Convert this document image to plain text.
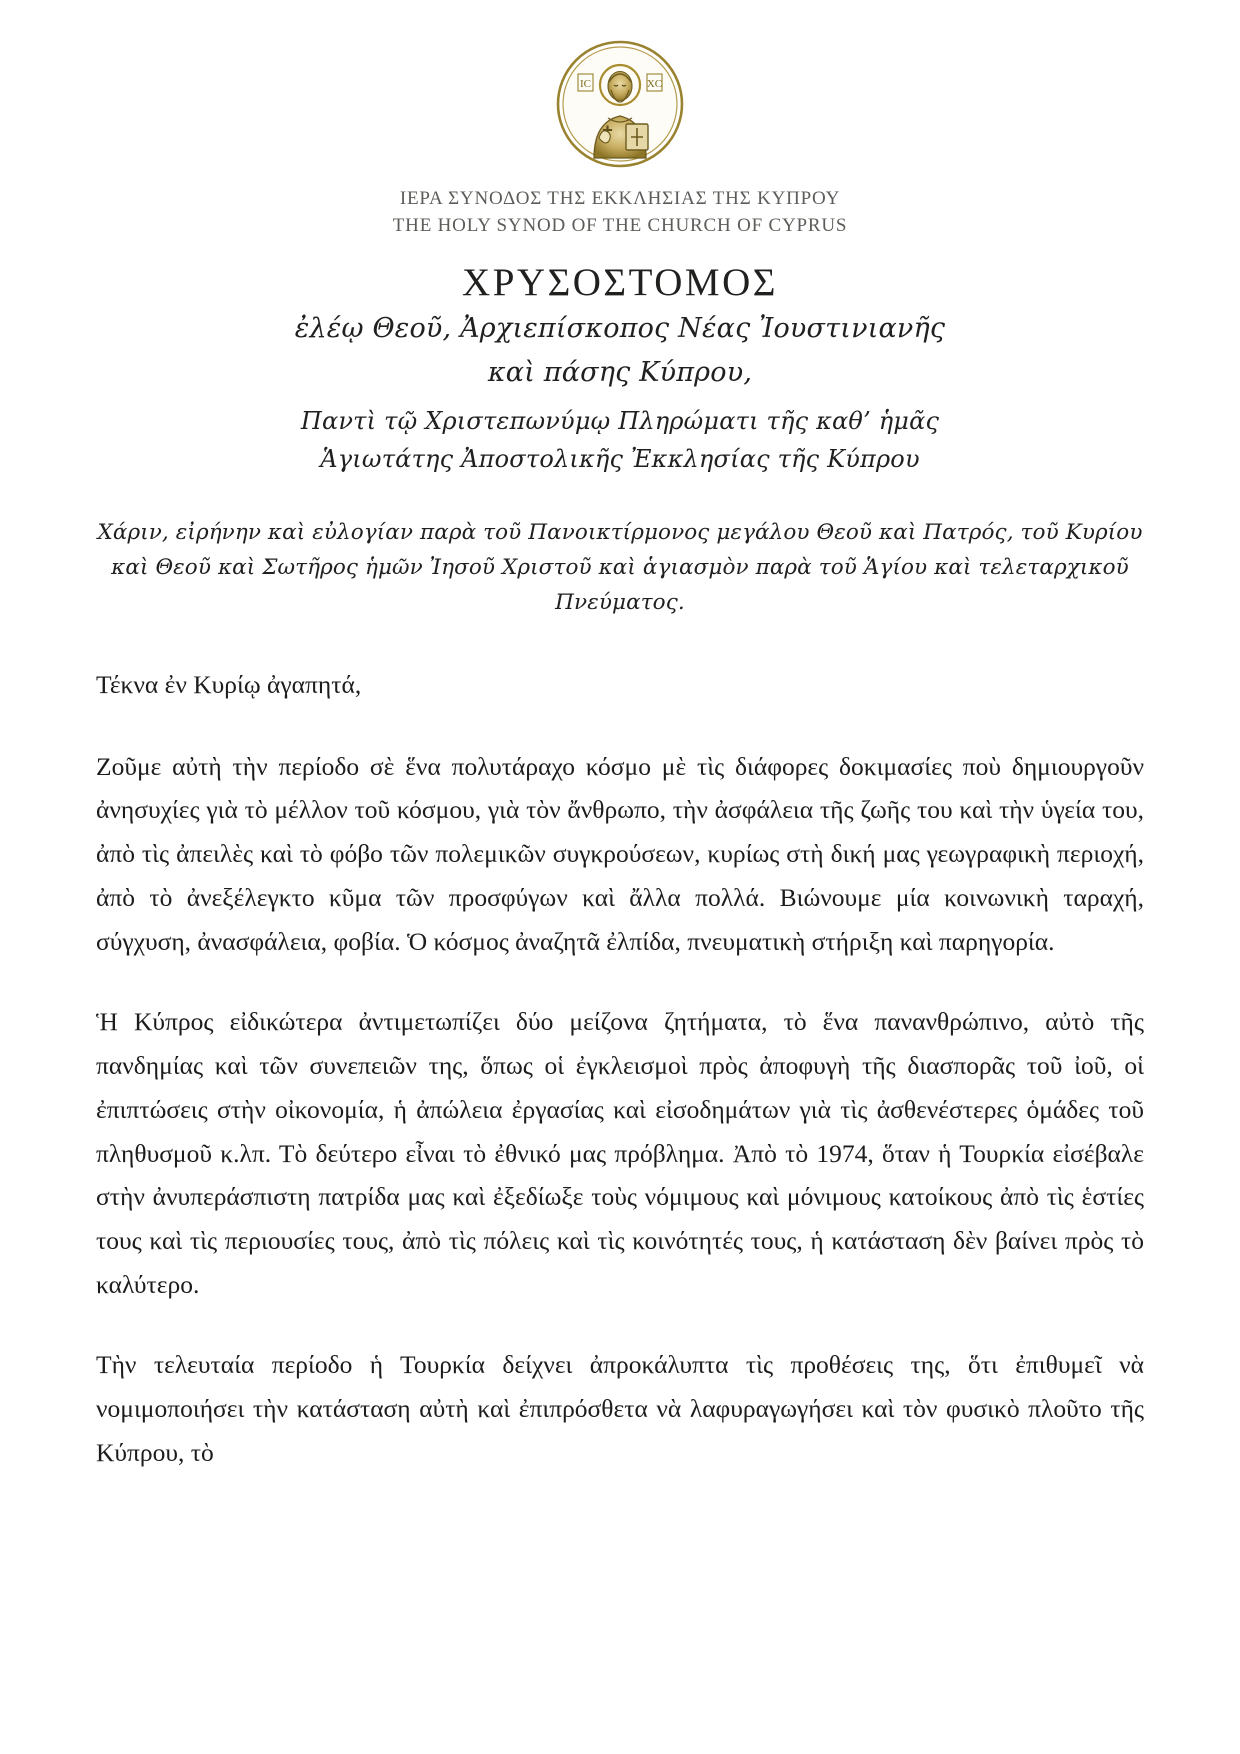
ΙC	ΧC
ΙΕΡΑ ΣΥΝΟΔΟΣ ΤΗΣ ΕΚΚΛΗΣΙΑΣ ΤΗΣ ΚΥΠΡΟΥ
THE HOLY SYNOD OF THE CHURCH OF CYPRUS
ΧΡΥΣΟΣΤΟΜΟΣ
ἐλέῳ Θεοῦ, Ἀρχιεπίσκοπος Νέας Ἰουστινιανῆς
καὶ πάσης Κύπρου,
Παντὶ τῷ Χριστεπωνύμῳ Πληρώματι τῆς καθ’ ἡμᾶς
Ἁγιωτάτης Ἀποστολικῆς Ἐκκλησίας τῆς Κύπρου
Χάριν, εἰρήνην καὶ εὐλογίαν παρὰ τοῦ Πανοικτίρμονος μεγάλου Θεοῦ καὶ Πατρός, τοῦ Κυρίου καὶ Θεοῦ καὶ Σωτῆρος ἡμῶν Ἰησοῦ Χριστοῦ καὶ ἁγιασμὸν παρὰ τοῦ Ἁγίου καὶ τελεταρχικοῦ Πνεύματος.
Τέκνα ἐν Κυρίῳ ἀγαπητά,

Ζοῦμε αὐτὴ τὴν περίοδο σὲ ἕνα πολυτάραχο κόσμο μὲ τὶς διάφορες δοκιμασίες ποὺ δημιουργοῦν ἀνησυχίες γιὰ τὸ μέλλον τοῦ κόσμου, γιὰ τὸν ἄνθρωπο, τὴν ἀσφάλεια τῆς ζωῆς του καὶ τὴν ὑγεία του, ἀπὸ τὶς ἀπειλὲς καὶ τὸ φόβο τῶν πολεμικῶν συγκρούσεων, κυρίως στὴ δική μας γεωγραφικὴ περιοχή, ἀπὸ τὸ ἀνεξέλεγκτο κῦμα τῶν προσφύγων καὶ ἄλλα πολλά. Βιώνουμε μία κοινωνικὴ ταραχή, σύγχυση, ἀνασφάλεια, φοβία. Ὁ κόσμος ἀναζητᾶ ἐλπίδα, πνευματικὴ στήριξη καὶ παρηγορία.

Ἡ Κύπρος εἰδικώτερα ἀντιμετωπίζει δύο μείζονα ζητήματα, τὸ ἕνα πανανθρώπινο, αὐτὸ τῆς πανδημίας καὶ τῶν συνεπειῶν της, ὅπως οἱ ἐγκλεισμοὶ πρὸς ἀποφυγὴ τῆς διασπορᾶς τοῦ ἰοῦ, οἱ ἐπιπτώσεις στὴν οἰκονομία, ἡ ἀπώλεια ἐργασίας καὶ εἰσοδημάτων γιὰ τὶς ἀσθενέστερες ὁμάδες τοῦ πληθυσμοῦ κ.λπ. Τὸ δεύτερο εἶναι τὸ ἐθνικό μας πρόβλημα. Ἀπὸ τὸ 1974, ὅταν ἡ Τουρκία εἰσέβαλε στὴν ἀνυπεράσπιστη πατρίδα μας καὶ ἐξεδίωξε τοὺς νόμιμους καὶ μόνιμους κατοίκους ἀπὸ τὶς ἑστίες τους καὶ τὶς περιουσίες τους, ἀπὸ τὶς πόλεις καὶ τὶς κοινότητές τους, ἡ κατάσταση δὲν βαίνει πρὸς τὸ καλύτερο.

Τὴν τελευταία περίοδο ἡ Τουρκία δείχνει ἀπροκάλυπτα τὶς προθέσεις της, ὅτι ἐπιθυμεῖ νὰ νομιμοποιήσει τὴν κατάσταση αὐτὴ καὶ ἐπιπρόσθετα νὰ λαφυραγωγήσει καὶ τὸν φυσικὸ πλοῦτο τῆς Κύπρου, τὸ
